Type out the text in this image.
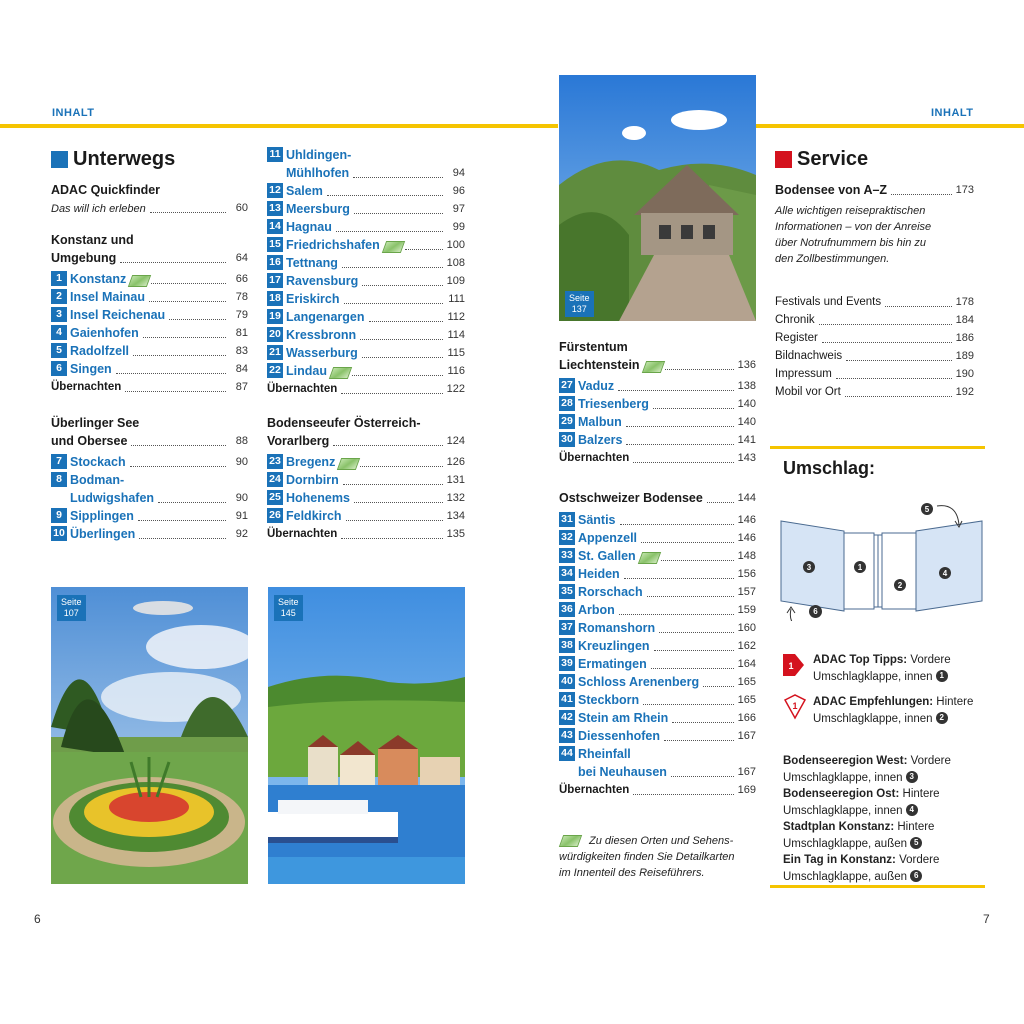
INHALT	INHALT
Unterwegs
ADAC Quickfinder
Das will ich erleben	60
Konstanz und
Umgebung	64
1 Konstanz	66
2 Insel Mainau	78
3 Insel Reichenau	79
4 Gaienhofen	81
5 Radolfzell	83
6 Singen	84
Übernachten	87
Überlinger See
und Obersee	88
7 Stockach	90
8 Bodman-
Ludwigshafen	90
9 Sipplingen	91
10 Überlingen	92
11 Uhldingen-
Mühlhofen	94
12 Salem	96
13 Meersburg	97
14 Hagnau	99
15 Friedrichshafen	100
16 Tettnang	108
17 Ravensburg	109
18 Eriskirch	111
19 Langenargen	112
20 Kressbronn	114
21 Wasserburg	115
22 Lindau	116
Übernachten	122
Bodenseeufer Österreich-
Vorarlberg	124
23 Bregenz	126
24 Dornbirn	131
25 Hohenems	132
26 Feldkirch	134
Übernachten	135
Seite
107
Seite
145
6
Seite
137
Fürstentum
Liechtenstein	136
27 Vaduz	138
28 Triesenberg	140
29 Malbun	140
30 Balzers	141
Übernachten	143
Ostschweizer Bodensee	144
31 Säntis	146
32 Appenzell	146
33 St. Gallen	148
34 Heiden	156
35 Rorschach	157
36 Arbon	159
37 Romanshorn	160
38 Kreuzlingen	162
39 Ermatingen	164
40 Schloss Arenenberg	165
41 Steckborn	165
42 Stein am Rhein	166
43 Diessenhofen	167
44 Rheinfall
bei Neuhausen	167
Übernachten	169
Zu diesen Orten und Sehens-
würdigkeiten finden Sie Detailkarten
im Innenteil des Reiseführers.
Service
Bodensee von A–Z	173
Alle wichtigen reisepraktischen
Informationen – von der Anreise
über Notrufnummern bis hin zu
den Zollbestimmungen.
Festivals und Events	178
Chronik	184
Register	186
Bildnachweis	189
Impressum	190
Mobil vor Ort	192
Umschlag:
3	1
2
4
5
6
1 ADAC Top Tipps: Vordere
Umschlagklappe, innen 1
1 ADAC Empfehlungen: Hintere
Umschlagklappe, innen 2
Bodenseeregion West: Vordere
Umschlagklappe, innen 3
Bodenseeregion Ost: Hintere
Umschlagklappe, innen 4
Stadtplan Konstanz: Hintere
Umschlagklappe, außen 5
Ein Tag in Konstanz: Vordere
Umschlagklappe, außen 6
7
